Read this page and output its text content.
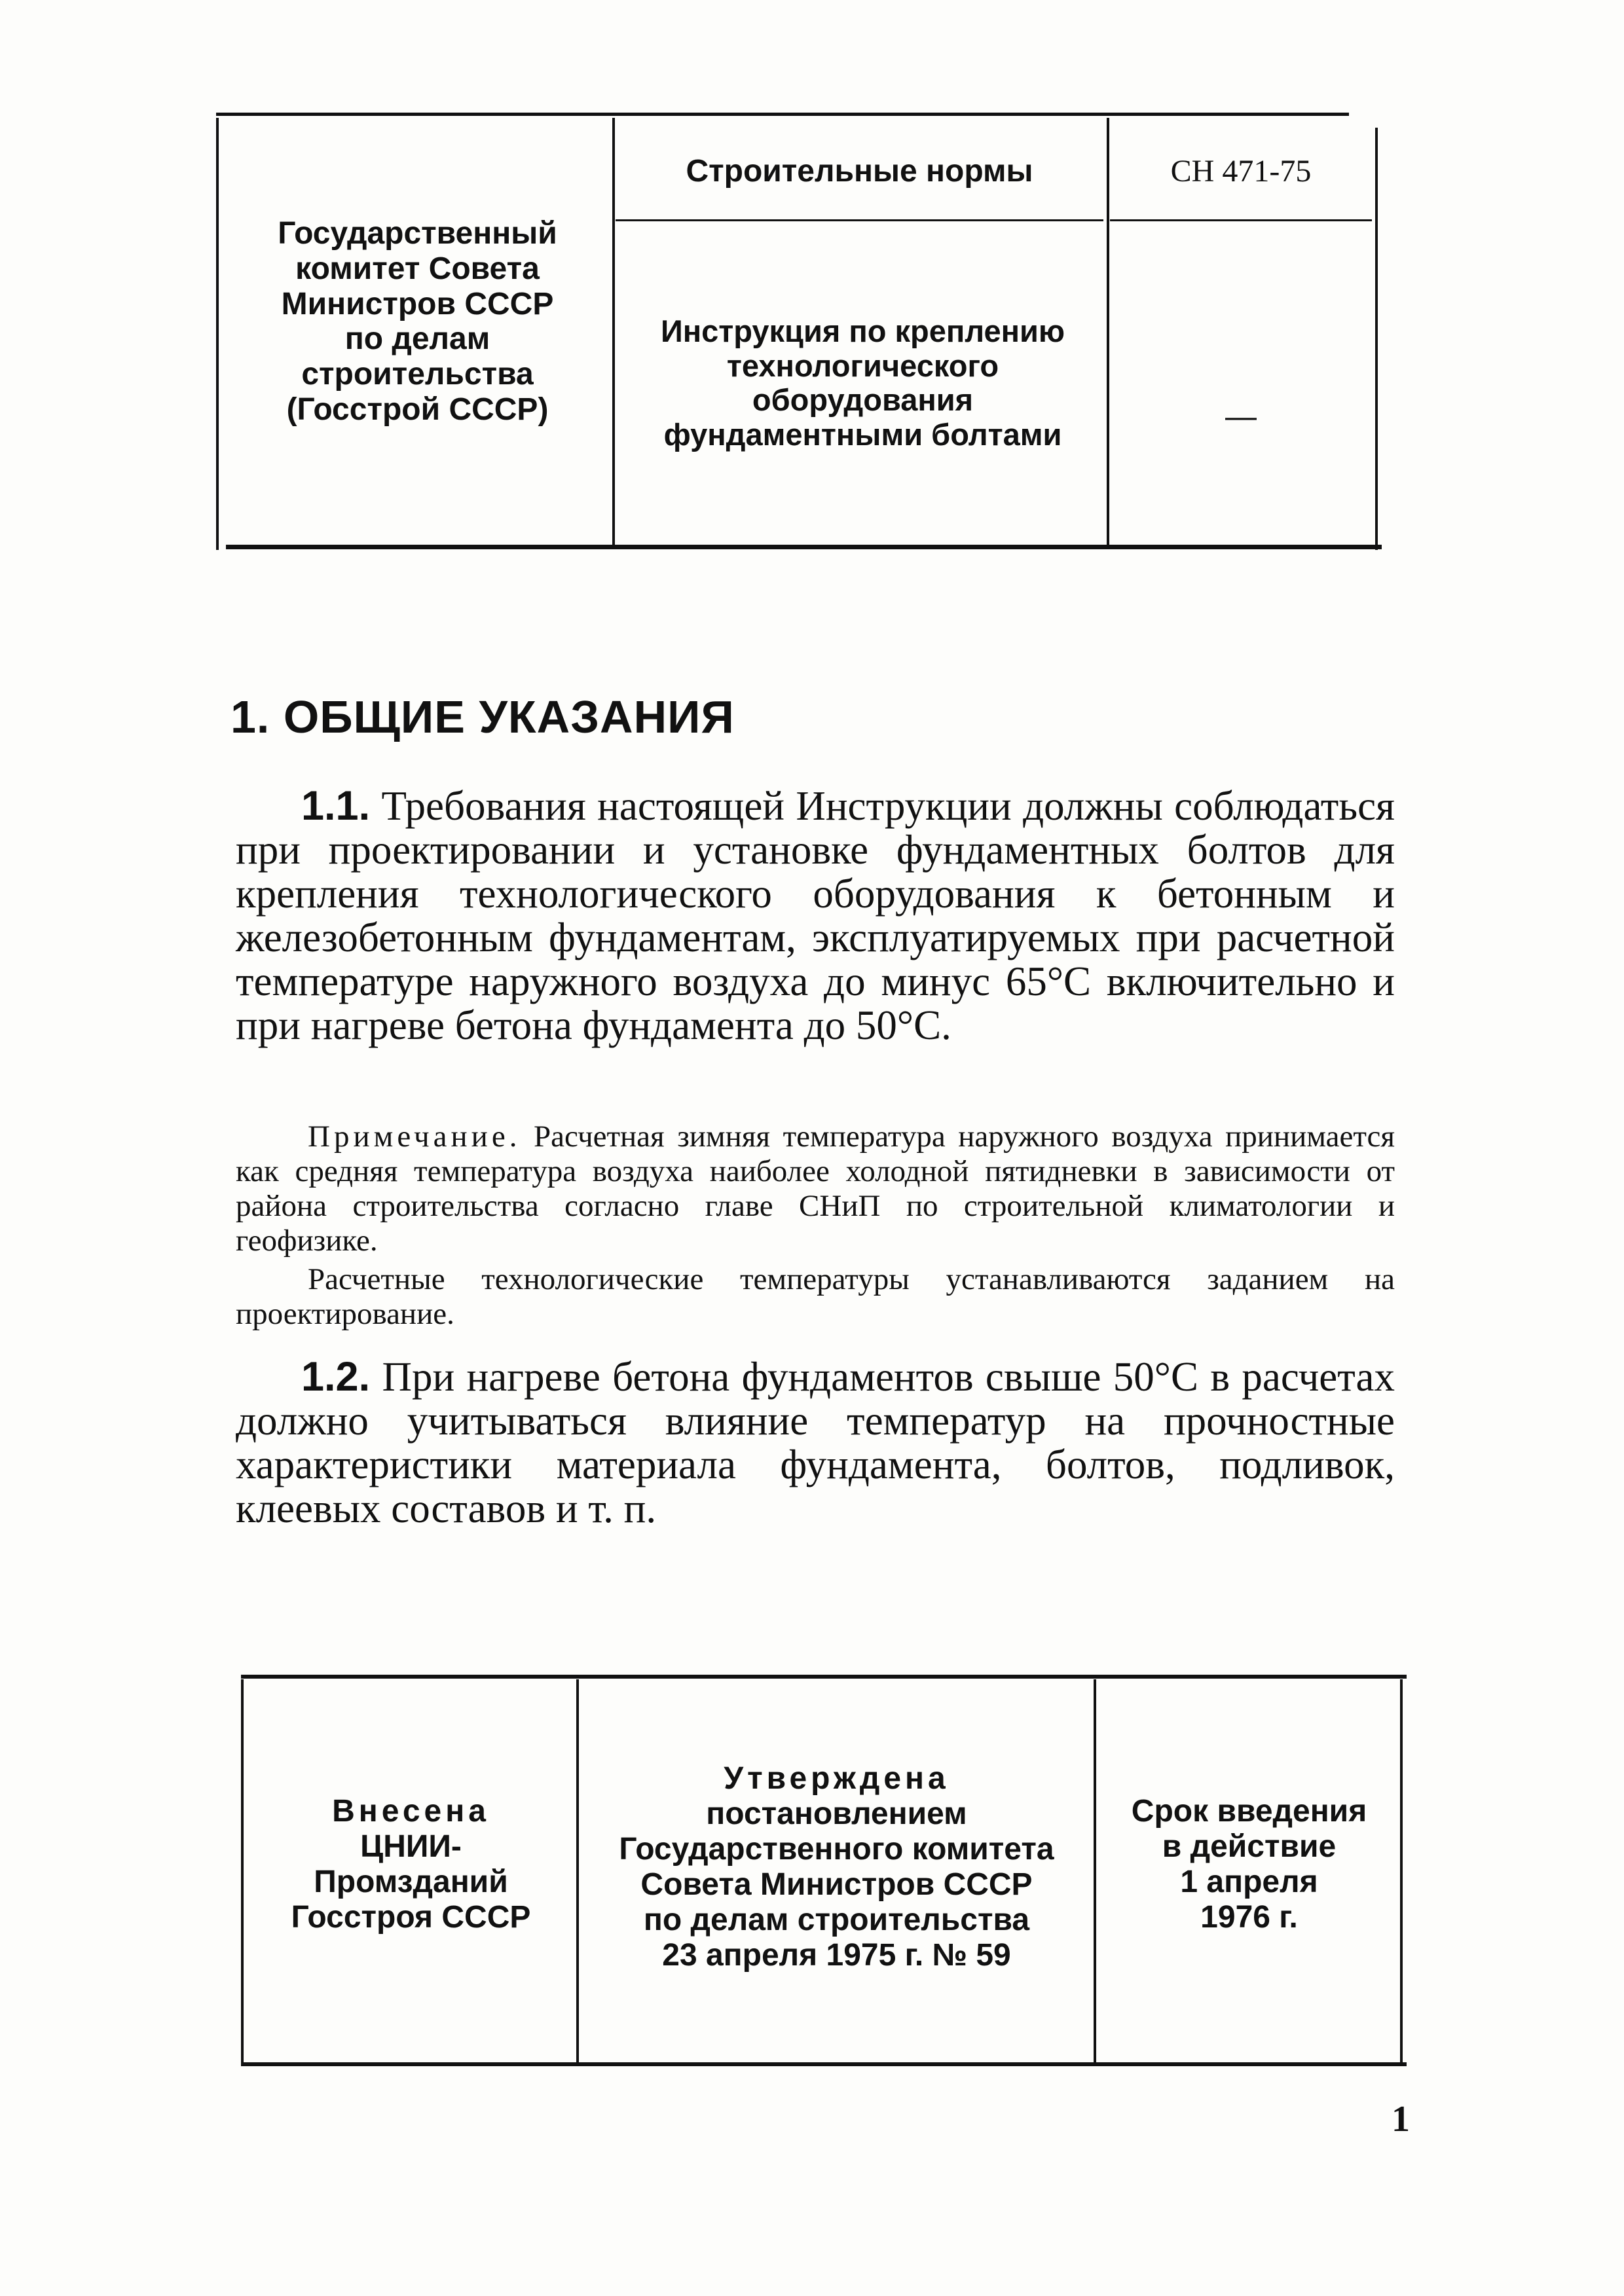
Государственный
комитет Совета
Министров СССР
по делам
строительства
(Госстрой СССР)
Строительные нормы	СН 471-75
Инструкция по креплению
технологического
оборудования
фундаментными болтами
—
1. ОБЩИЕ УКАЗАНИЯ
1.1. Требования настоящей Инструкции должны соблюдаться при проектировании и установке фундаментных болтов для крепления технологического оборудования к бетонным и железобетонным фундаментам, эксплуатируемых при расчетной температуре наружного воздуха до минус 65°С включительно и при нагреве бетона фундамента до 50°С.
Примечание. Расчетная зимняя температура наружного воздуха принимается как средняя температура воздуха наиболее холодной пятидневки в зависимости от района строительства согласно главе СНиП по строительной климатологии и геофизике.
Расчетные технологические температуры устанавливаются заданием на проектирование.
1.2. При нагреве бетона фундаментов свыше 50°С в расчетах должно учитываться влияние температур на прочностные характеристики материала фундамента, болтов, подливок, клеевых составов и т. п.
Внесена
ЦНИИ-
Промзданий
Госстроя СССР
Утверждена
постановлением
Государственного комитета
Совета Министров СССР
по делам строительства
23 апреля 1975 г. № 59
Срок введения
в действие
1 апреля
1976 г.
1
